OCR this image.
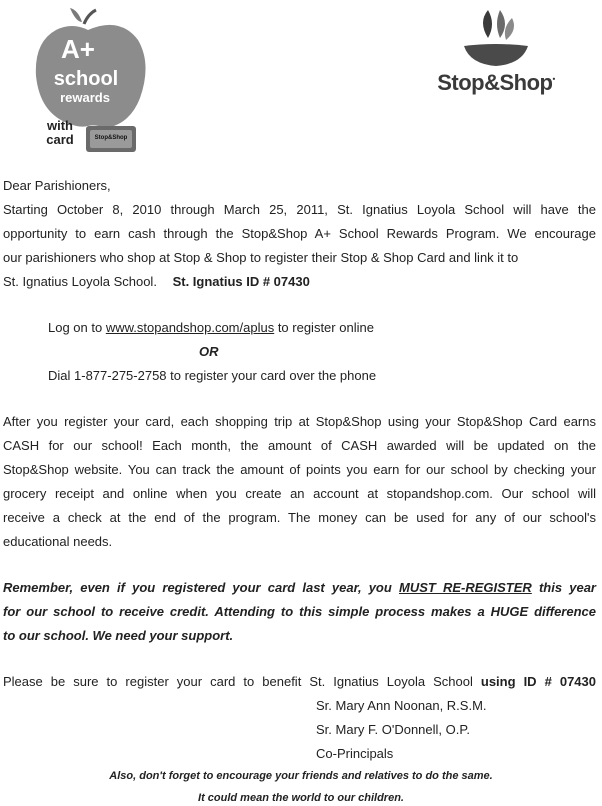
A+
school
rewards
with
card	Stop&Shop
Stop&Shop•
Dear Parishioners,
Starting October 8, 2010 through March 25, 2011, St. Ignatius Loyola School will have the
opportunity to earn cash through the Stop&Shop A+ School Rewards Program. We encourage
our parishioners who shop at Stop & Shop to register their Stop & Shop Card and link it to
St. Ignatius Loyola School. St. Ignatius ID # 07430
Log on to www.stopandshop.com/aplus to register online
OR
Dial 1-877-275-2758 to register your card over the phone
After you register your card, each shopping trip at Stop&Shop using your Stop&Shop Card earns
CASH for our school! Each month, the amount of CASH awarded will be updated on the
Stop&Shop website. You can track the amount of points you earn for our school by checking your
grocery receipt and online when you create an account at stopandshop.com. Our school will
receive a check at the end of the program. The money can be used for any of our school's
educational needs.
Remember, even if you registered your card last year, you MUST RE-REGISTER this year
for our school to receive credit. Attending to this simple process makes a HUGE difference
to our school. We need your support.
Please be sure to register your card to benefit St. Ignatius Loyola School using ID # 07430
Sr. Mary Ann Noonan, R.S.M.
Sr. Mary F. O'Donnell, O.P.
Co-Principals
Also, don't forget to encourage your friends and relatives to do the same.
It could mean the world to our children.
